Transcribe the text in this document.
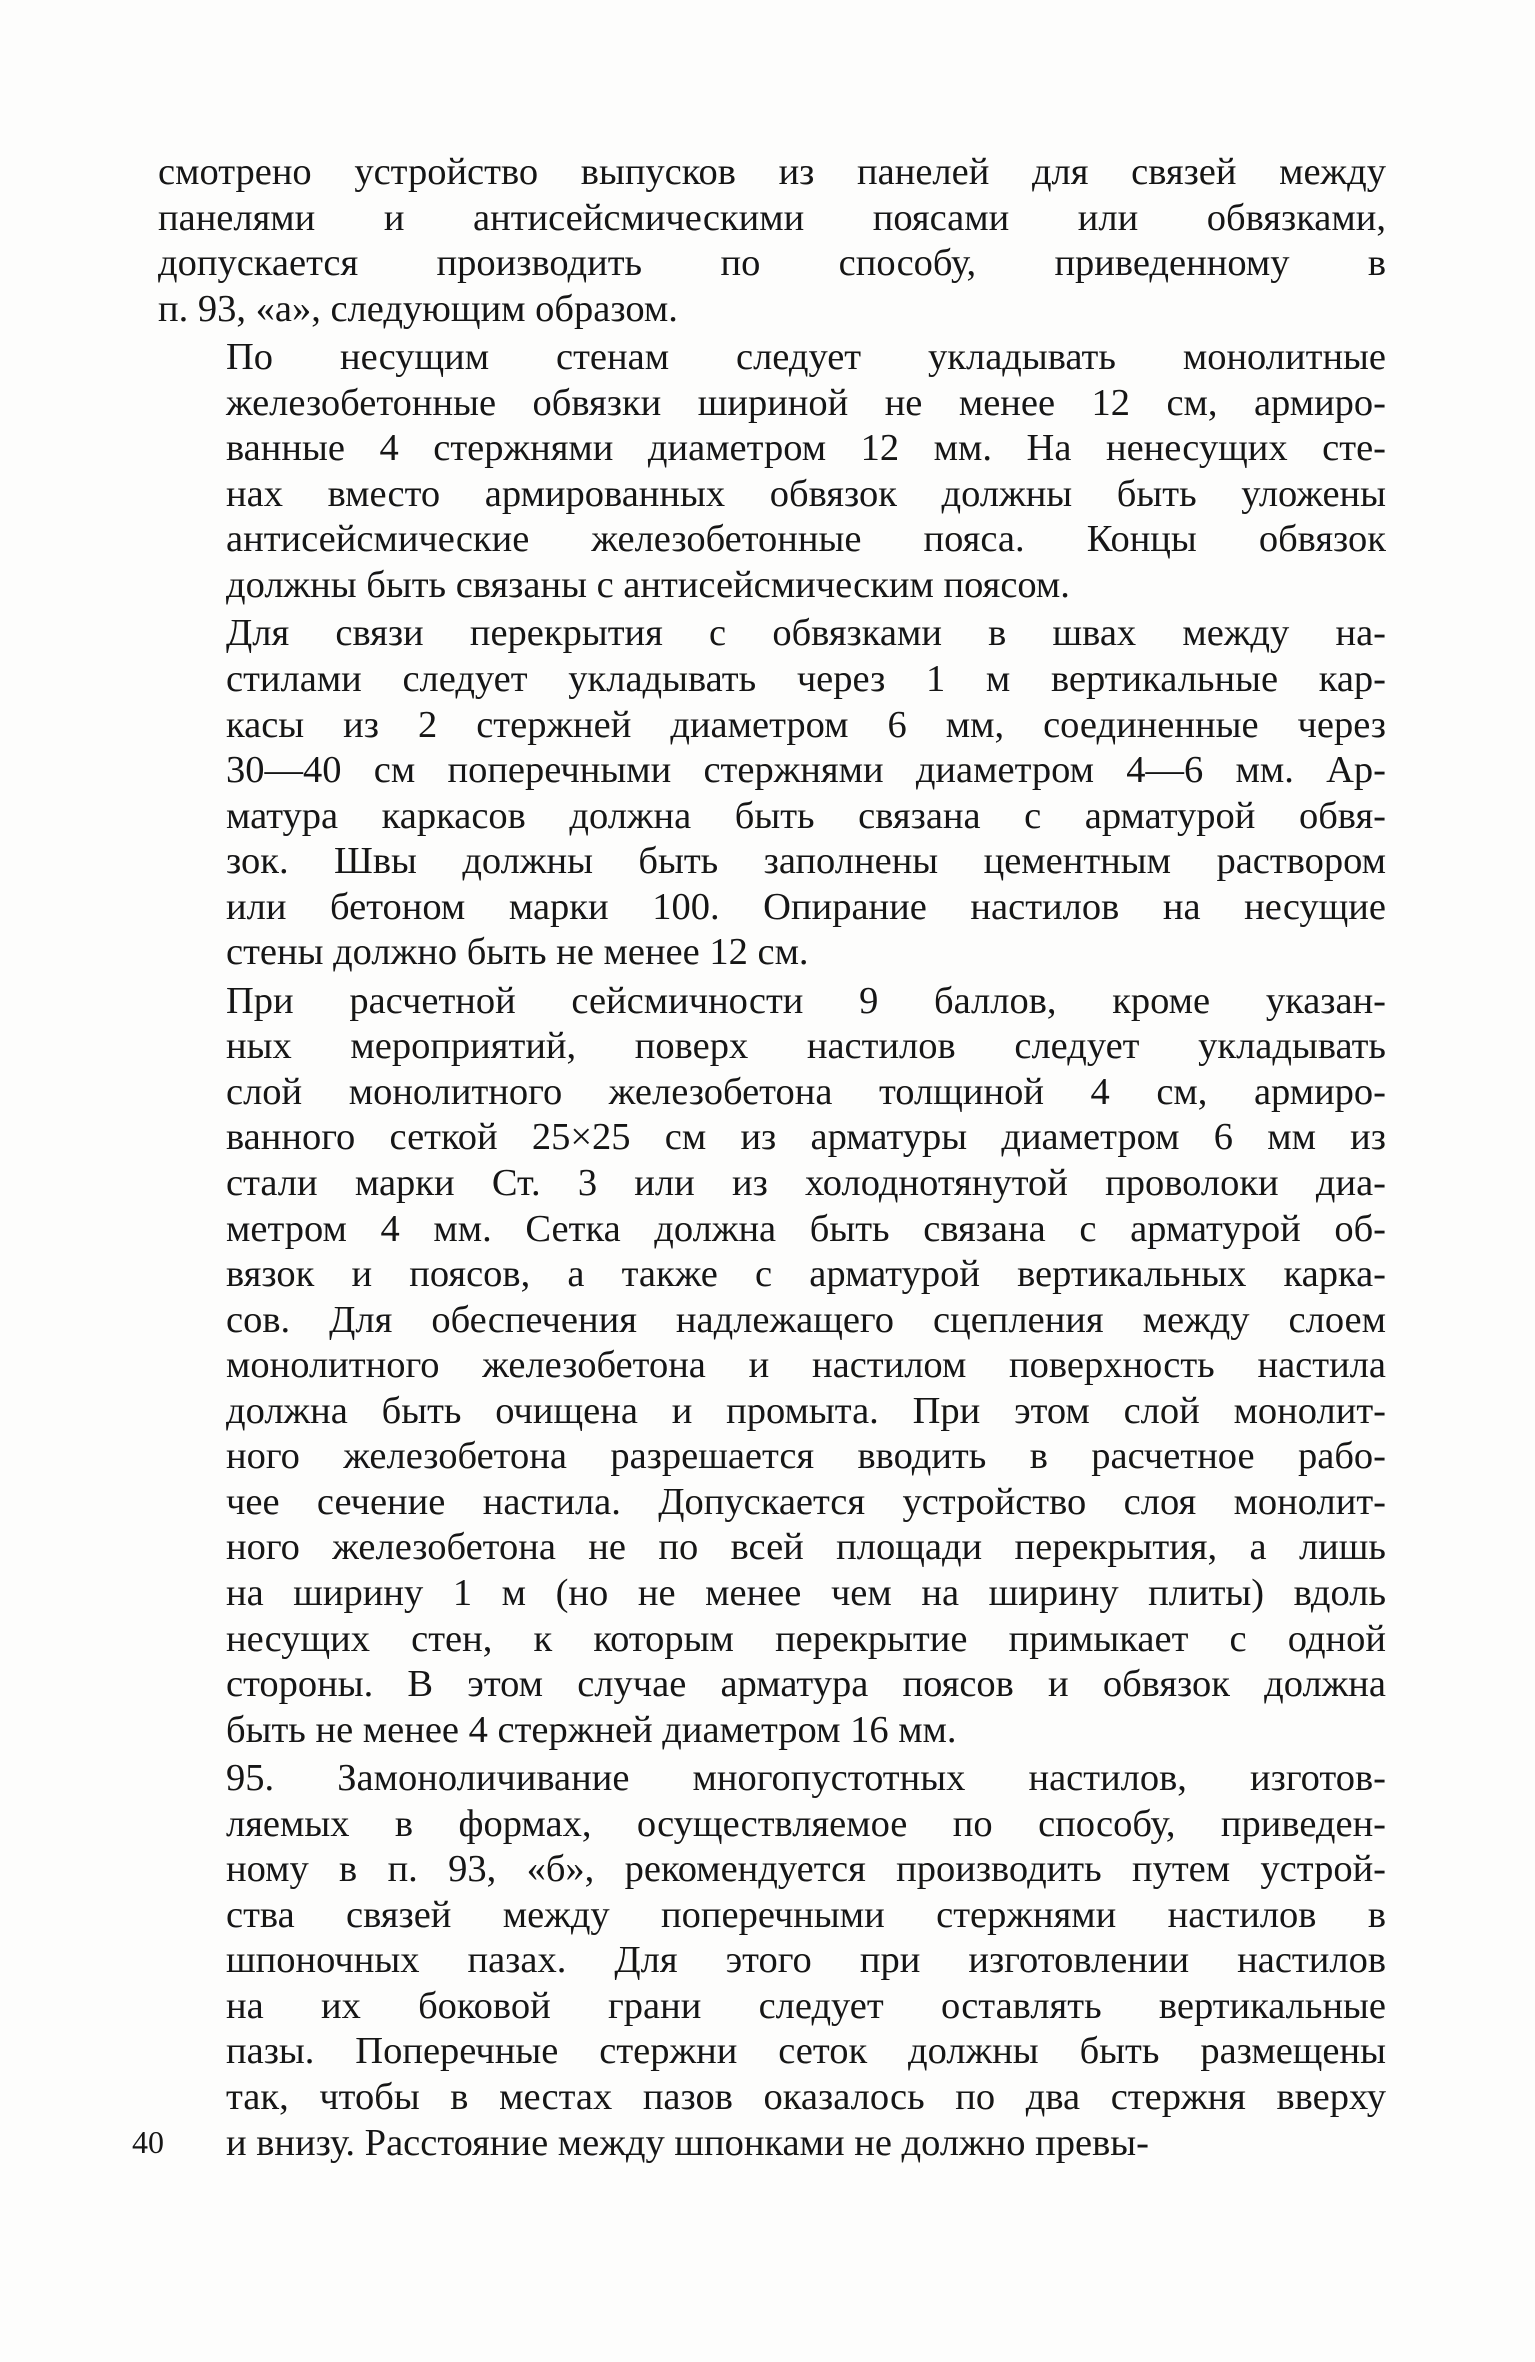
смотрено устройство выпусков из панелей для связей между
панелями и антисейсмическими поясами или обвязками,
допускается производить по способу, приведенному в
п. 93, «а», следующим образом.
По несущим стенам следует укладывать монолитные
железобетонные обвязки шириной не менее 12 см, армиро-
ванные 4 стержнями диаметром 12 мм. На ненесущих сте-
нах вместо армированных обвязок должны быть уложены
антисейсмические железобетонные пояса. Концы обвязок
должны быть связаны с антисейсмическим поясом.
Для связи перекрытия с обвязками в швах между на-
стилами следует укладывать через 1 м вертикальные кар-
касы из 2 стержней диаметром 6 мм, соединенные через
30—40 см поперечными стержнями диаметром 4—6 мм. Ар-
матура каркасов должна быть связана с арматурой обвя-
зок. Швы должны быть заполнены цементным раствором
или бетоном марки 100. Опирание настилов на несущие
стены должно быть не менее 12 см.
При расчетной сейсмичности 9 баллов, кроме указан-
ных мероприятий, поверх настилов следует укладывать
слой монолитного железобетона толщиной 4 см, армиро-
ванного сеткой 25×25 см из арматуры диаметром 6 мм из
стали марки Ст. 3 или из холоднотянутой проволоки диа-
метром 4 мм. Сетка должна быть связана с арматурой об-
вязок и поясов, а также с арматурой вертикальных карка-
сов. Для обеспечения надлежащего сцепления между слоем
монолитного железобетона и настилом поверхность настила
должна быть очищена и промыта. При этом слой монолит-
ного железобетона разрешается вводить в расчетное рабо-
чее сечение настила. Допускается устройство слоя монолит-
ного железобетона не по всей площади перекрытия, а лишь
на ширину 1 м (но не менее чем на ширину плиты) вдоль
несущих стен, к которым перекрытие примыкает с одной
стороны. В этом случае арматура поясов и обвязок должна
быть не менее 4 стержней диаметром 16 мм.
95. Замоноличивание многопустотных настилов, изготов-
ляемых в формах, осуществляемое по способу, приведен-
ному в п. 93, «б», рекомендуется производить путем устрой-
ства связей между поперечными стержнями настилов в
шпоночных пазах. Для этого при изготовлении настилов
на их боковой грани следует оставлять вертикальные
пазы. Поперечные стержни сеток должны быть размещены
так, чтобы в местах пазов оказалось по два стержня вверху
и внизу. Расстояние между шпонками не должно превы-
40
